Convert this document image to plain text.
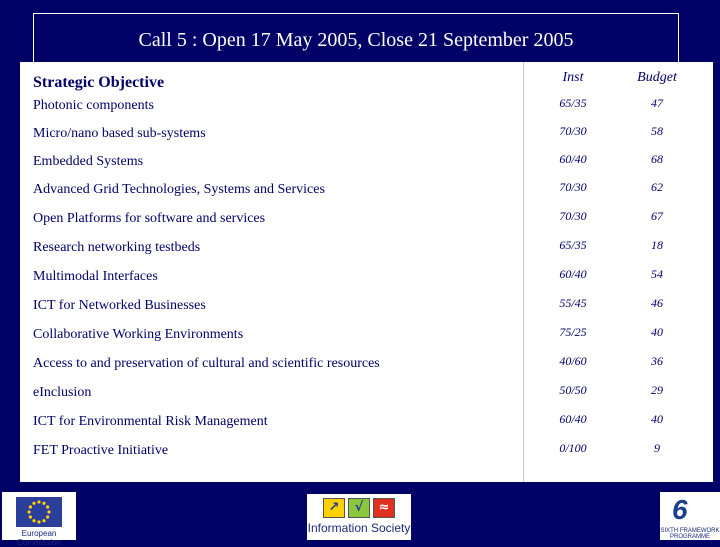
Call 5 : Open 17 May 2005, Close 21 September 2005
Strategic Objective	Inst	Budget
Photonic components	65/35	47
Micro/nano based sub-systems	70/30	58
Embedded Systems	60/40	68
Advanced Grid Technologies, Systems and Services	70/30	62
Open Platforms for software and services	70/30	67
Research networking testbeds	65/35	18
Multimodal Interfaces	60/40	54
ICT for Networked Businesses	55/45	46
Collaborative Working Environments	75/25	40
Access to and preservation of cultural and scientific resources	40/60	36
eInclusion	50/50	29
ICT for Environmental Risk Management	60/40	40
FET Proactive Initiative	0/100	9
European Commission
↗	√	≈
Information Society
6
SIXTH FRAMEWORK PROGRAMME
